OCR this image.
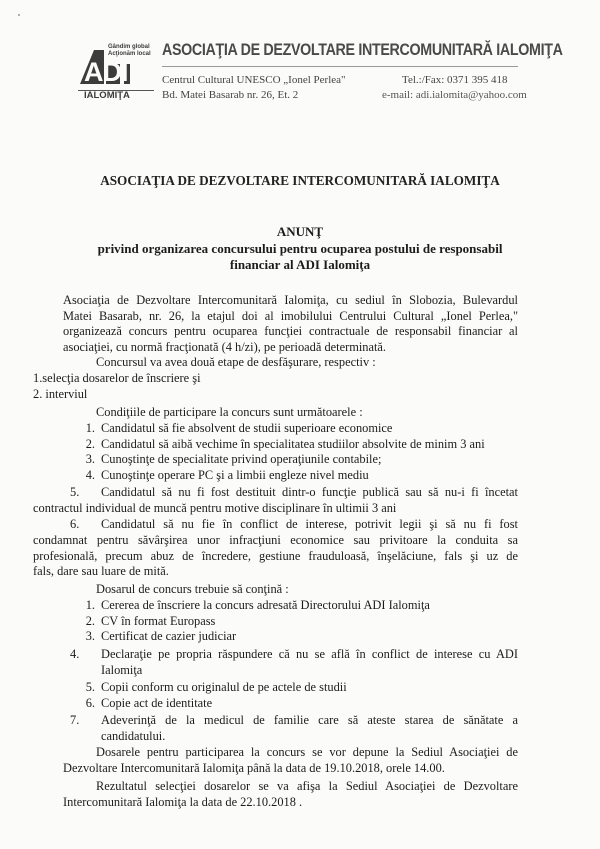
Gândim global
Acţionăm local
ADI
IALOMIŢA
ASOCIAŢIA DE DEZVOLTARE INTERCOMUNITARĂ IALOMIŢA
Centrul Cultural UNESCO „Ionel Perlea"
Bd. Matei Basarab nr. 26, Et. 2
Tel.:/Fax: 0371 395 418
e-mail: adi.ialomita@yahoo.com
ASOCIAŢIA DE DEZVOLTARE INTERCOMUNITARĂ IALOMIŢA
ANUNŢ
privind organizarea concursului pentru ocuparea postului de responsabil
financiar al ADI Ialomiţa
Asociaţia de Dezvoltare Intercomunitară Ialomiţa, cu sediul în Slobozia, Bulevardul
Matei Basarab, nr. 26, la etajul doi al imobilului Centrului Cultural „Ionel Perlea,"
organizează concurs pentru ocuparea funcţiei contractuale de responsabil financiar al
asociaţiei, cu normă fracţionată (4 h/zi), pe perioadă determinată.
Concursul va avea două etape de desfăşurare, respectiv :
1.selecţia dosarelor de înscriere şi
2. interviul
Condiţiile de participare la concurs sunt următoarele :
1. Candidatul să fie absolvent de studii superioare economice
2. Candidatul să aibă vechime în specialitatea studiilor absolvite de minim 3 ani
3. Cunoştinţe de specialitate privind operaţiunile contabile;
4. Cunoştinţe operare PC şi a limbii engleze nivel mediu
5. Candidatul să nu fi fost destituit dintr-o funcţie publică sau să nu-i fi încetat
contractul individual de muncă pentru motive disciplinare în ultimii 3 ani
6. Candidatul să nu fie în conflict de interese, potrivit legii şi să nu fi fost
condamnat pentru săvârşirea unor infracţiuni economice sau privitoare la conduita sa
profesională, precum abuz de încredere, gestiune frauduloasă, înşelăciune, fals şi uz de
fals, dare sau luare de mită.
Dosarul de concurs trebuie să conţină :
1. Cererea de înscriere la concurs adresată Directorului ADI Ialomiţa
2. CV în format Europass
3. Certificat de cazier judiciar
4. Declaraţie pe propria răspundere că nu se află în conflict de interese cu ADI
Ialomiţa
5. Copii conform cu originalul de pe actele de studii
6. Copie act de identitate
7. Adeverinţă de la medicul de familie care să ateste starea de sănătate a
candidatului.
Dosarele pentru participarea la concurs se vor depune la Sediul Asociaţiei de
Dezvoltare Intercomunitară Ialomiţa până la data de 19.10.2018, orele 14.00.
Rezultatul selecţiei dosarelor se va afişa la Sediul Asociaţiei de Dezvoltare
Intercomunitară Ialomiţa la data de 22.10.2018 .
